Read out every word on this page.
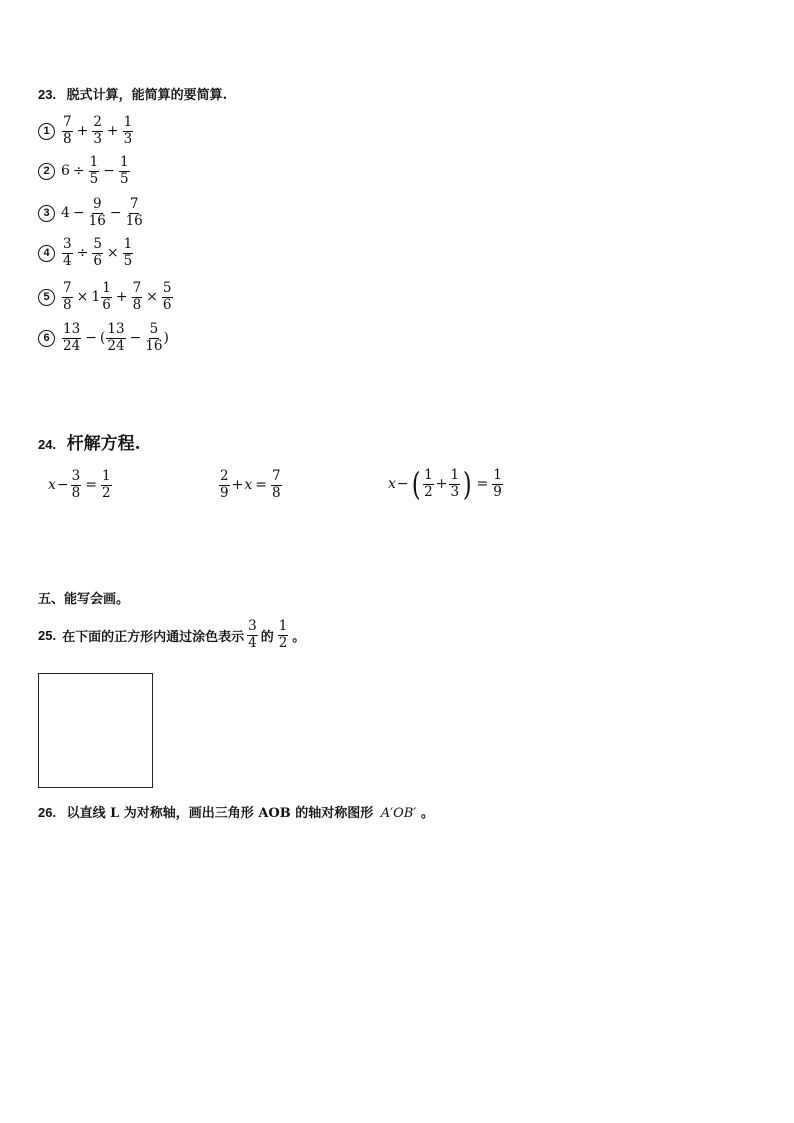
23. 脱式计算，能简算的要简算.
$1 \frac{7}{8} + \frac{2}{3} + \frac{1}{3}$
2 $6 \div \frac{1}{5} - \frac{1}{5}$
3 $4 - \frac{9}{16} - \frac{7}{16}$
$4 \frac{3}{4} \div \frac{5}{6} \times \frac{1}{5}$
$5 \frac{7}{8} \times 1 \frac{1}{6} + \frac{7}{8} \times \frac{5}{6}$
$6 \frac{13}{24}$ − ( $\frac{13}{24} - \frac{5}{16}$ )
24. 杆解方程.
$x - \frac{3}{8} = \frac{1}{2}$	$\frac{2}{9} + x = \frac{7}{8}$	x − ( $\frac{1}{2} + \frac{1}{3}$ ) = $\frac{1}{9}$
五、能写会画。
25. 在下面的正方形内通过涂色表示 $\frac{3}{4}$ 的 $\frac{1}{2}$ 。
26. 以直线 L 为对称轴，画出三角形 AOB 的轴对称图形 A′OB′ 。
